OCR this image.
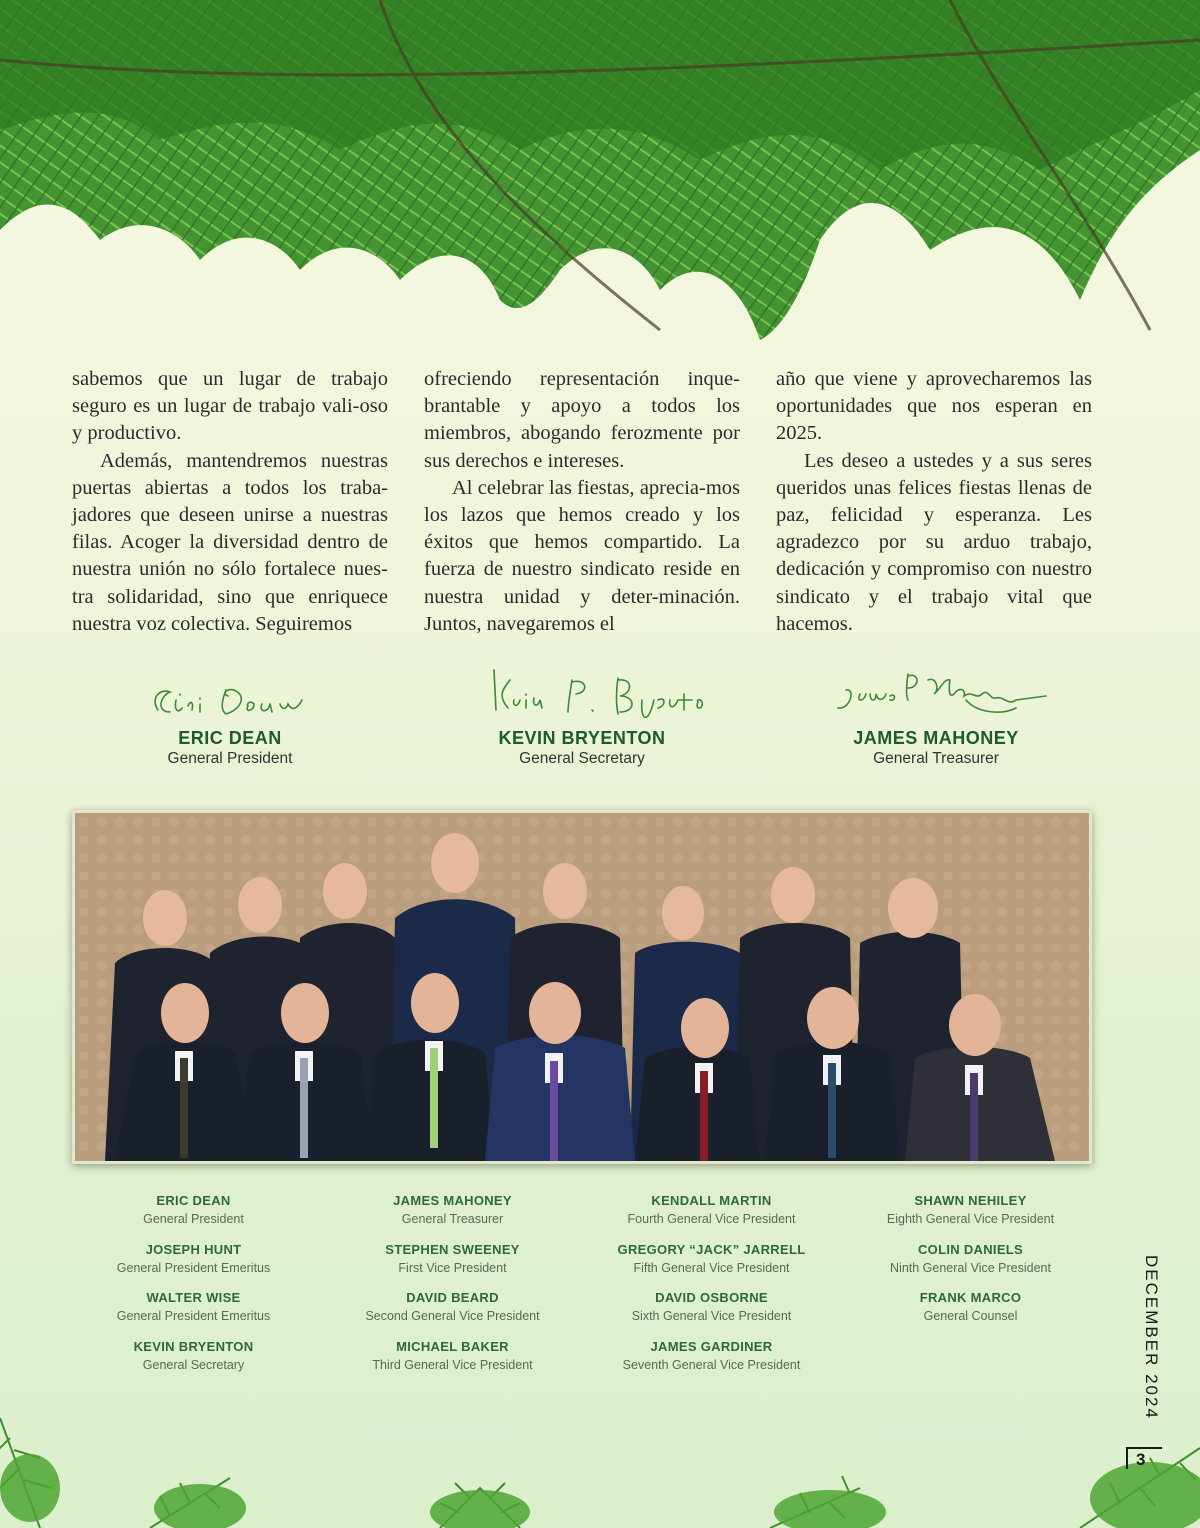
sabemos que un lugar de trabajo seguro es un lugar de trabajo vali-oso y productivo.

Además, mantendremos nuestras puertas abiertas a todos los traba-jadores que deseen unirse a nuestras filas. Acoger la diversidad dentro de nuestra unión no sólo fortalece nues-tra solidaridad, sino que enriquece nuestra voz colectiva. Seguiremos

ofreciendo representación inque-brantable y apoyo a todos los miembros, abogando ferozmente por sus derechos e intereses.

Al celebrar las fiestas, aprecia-mos los lazos que hemos creado y los éxitos que hemos compartido. La fuerza de nuestro sindicato reside en nuestra unidad y deter-minación. Juntos, navegaremos el

año que viene y aprovecharemos las oportunidades que nos esperan en 2025.

Les deseo a ustedes y a sus seres queridos unas felices fiestas llenas de paz, felicidad y esperanza. Les agradezco por su arduo trabajo, dedicación y compromiso con nuestro sindicato y el trabajo vital que hacemos.

ERIC DEAN
General President
KEVIN BRYENTON
General Secretary
JAMES MAHONEY
General Treasurer
ERIC DEAN
General President
JOSEPH HUNT
General President Emeritus
WALTER WISE
General President Emeritus
KEVIN BRYENTON
General Secretary
JAMES MAHONEY
General Treasurer
STEPHEN SWEENEY
First Vice President
DAVID BEARD
Second General Vice President
MICHAEL BAKER
Third General Vice President
KENDALL MARTIN
Fourth General Vice President
GREGORY “JACK” JARRELL
Fifth General Vice President
DAVID OSBORNE
Sixth General Vice President
JAMES GARDINER
Seventh General Vice President
SHAWN NEHILEY
Eighth General Vice President
COLIN DANIELS
Ninth General Vice President
FRANK MARCO
General Counsel	DECEMBER 2024
3
